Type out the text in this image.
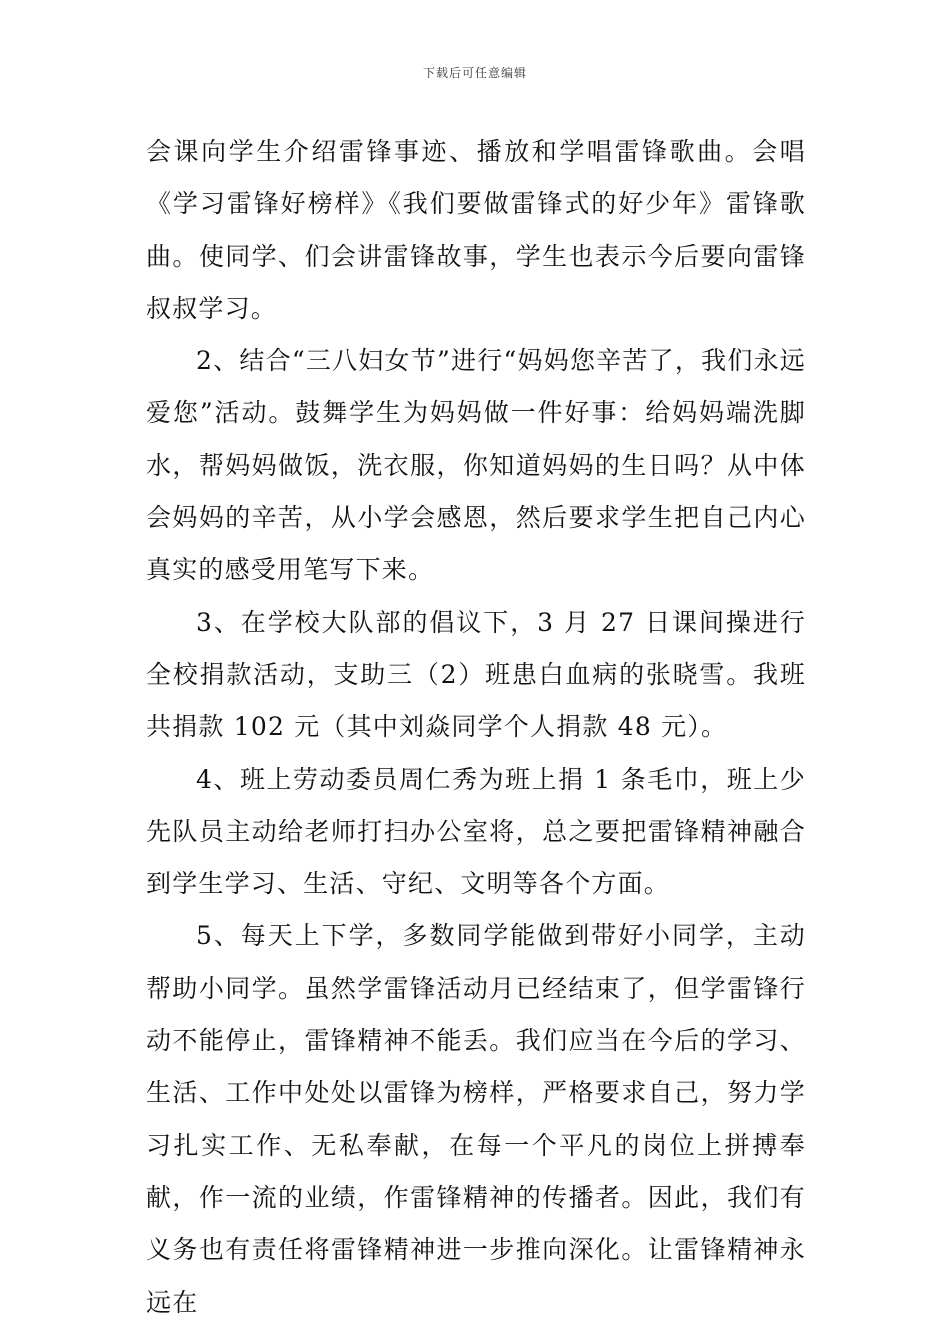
下载后可任意编辑

会课向学生介绍雷锋事迹、播放和学唱雷锋歌曲。会唱《学习雷锋好榜样》《我们要做雷锋式的好少年》雷锋歌曲。使同学、们会讲雷锋故事，学生也表示今后要向雷锋叔叔学习。

2、结合“三八妇女节”进行“妈妈您辛苦了，我们永远爱您”活动。鼓舞学生为妈妈做一件好事：给妈妈端洗脚水，帮妈妈做饭，洗衣服，你知道妈妈的生日吗？从中体会妈妈的辛苦，从小学会感恩，然后要求学生把自己内心真实的感受用笔写下来。

3、在学校大队部的倡议下，3 月 27 日课间操进行全校捐款活动，支助三（2）班患白血病的张晓雪。我班共捐款 102 元（其中刘焱同学个人捐款 48 元）。

4、班上劳动委员周仁秀为班上捐 1 条毛巾，班上少先队员主动给老师打扫办公室将，总之要把雷锋精神融合到学生学习、生活、守纪、文明等各个方面。

5、每天上下学，多数同学能做到带好小同学，主动帮助小同学。虽然学雷锋活动月已经结束了，但学雷锋行动不能停止，雷锋精神不能丢。我们应当在今后的学习、生活、工作中处处以雷锋为榜样，严格要求自己，努力学习扎实工作、无私奉献，在每一个平凡的岗位上拼搏奉献，作一流的业绩，作雷锋精神的传播者。因此，我们有义务也有责任将雷锋精神进一步推向深化。让雷锋精神永远在
